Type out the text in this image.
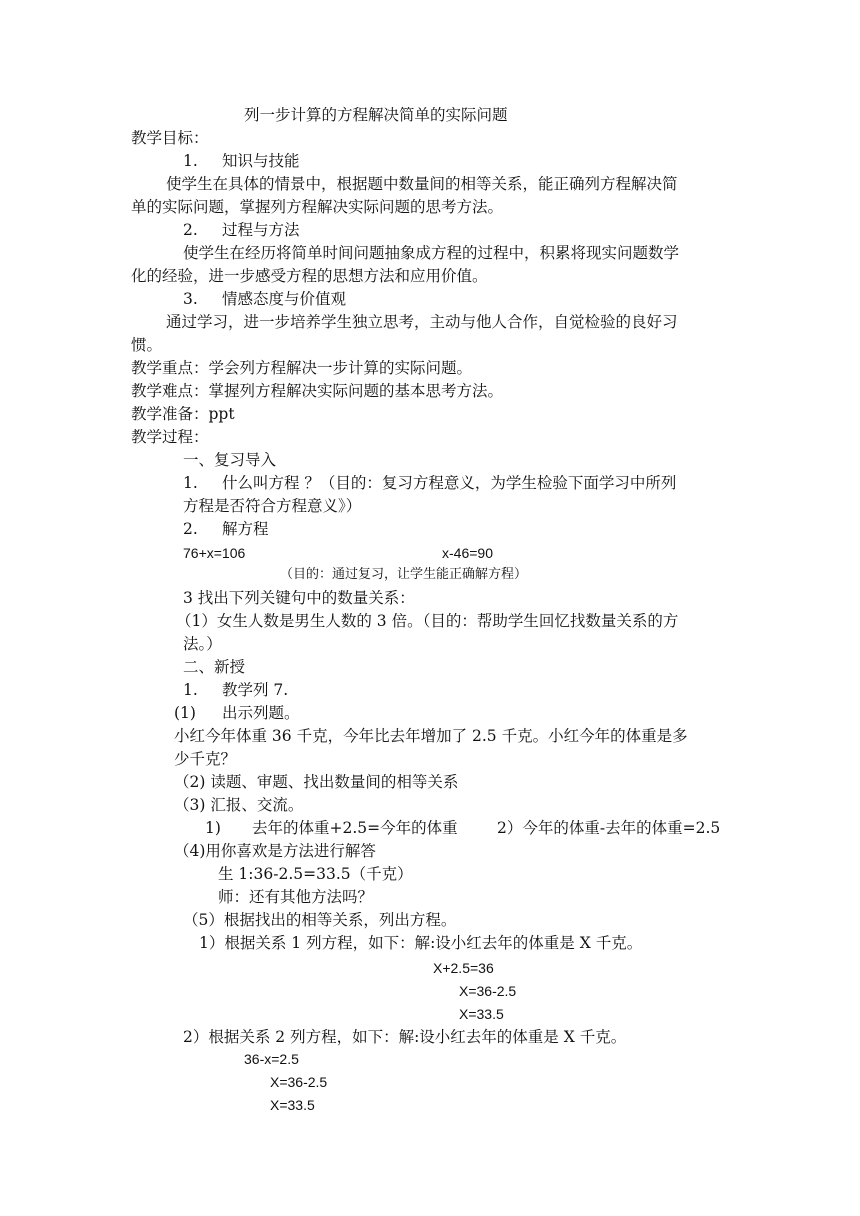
列一步计算的方程解决简单的实际问题
教学目标：
1. 知识与技能
使学生在具体的情景中，根据题中数量间的相等关系，能正确列方程解决简
单的实际问题，掌握列方程解决实际问题的思考方法。
2. 过程与方法
使学生在经历将简单时间问题抽象成方程的过程中，积累将现实问题数学
化的经验，进一步感受方程的思想方法和应用价值。
3. 情感态度与价值观
通过学习，进一步培养学生独立思考，主动与他人合作，自觉检验的良好习
惯。
教学重点：学会列方程解决一步计算的实际问题。
教学难点：掌握列方程解决实际问题的基本思考方法。
教学准备：ppt
教学过程：
一、复习导入
1. 什么叫方程 ？（目的：复习方程意义，为学生检验下面学习中所列
方程是否符合方程意义》）
2. 解方程
76+x=106	x-46=90
（目的：通过复习，让学生能正确解方程）
3 找出下列关键句中的数量关系：
（1）女生人数是男生人数的 3 倍。（目的：帮助学生回忆找数量关系的方
法。）
二、新授
1. 教学列 7.
(1) 出示列题。
小红今年体重 36 千克，今年比去年增加了 2.5 千克。小红今年的体重是多
少千克？
（2) 读题、审题、找出数量间的相等关系
（3) 汇报、交流。
1) 去年的体重+2.5=今年的体重	2）今年的体重-去年的体重=2.5
（4)用你喜欢是方法进行解答
生 1:36-2.5=33.5（千克）
师：还有其他方法吗？
（5）根据找出的相等关系，列出方程。
1）根据关系 1 列方程，如下：解:设小红去年的体重是 X 千克。
X+2.5=36
X=36-2.5
X=33.5
2）根据关系 2 列方程，如下：解:设小红去年的体重是 X 千克。
36-x=2.5
X=36-2.5
X=33.5
